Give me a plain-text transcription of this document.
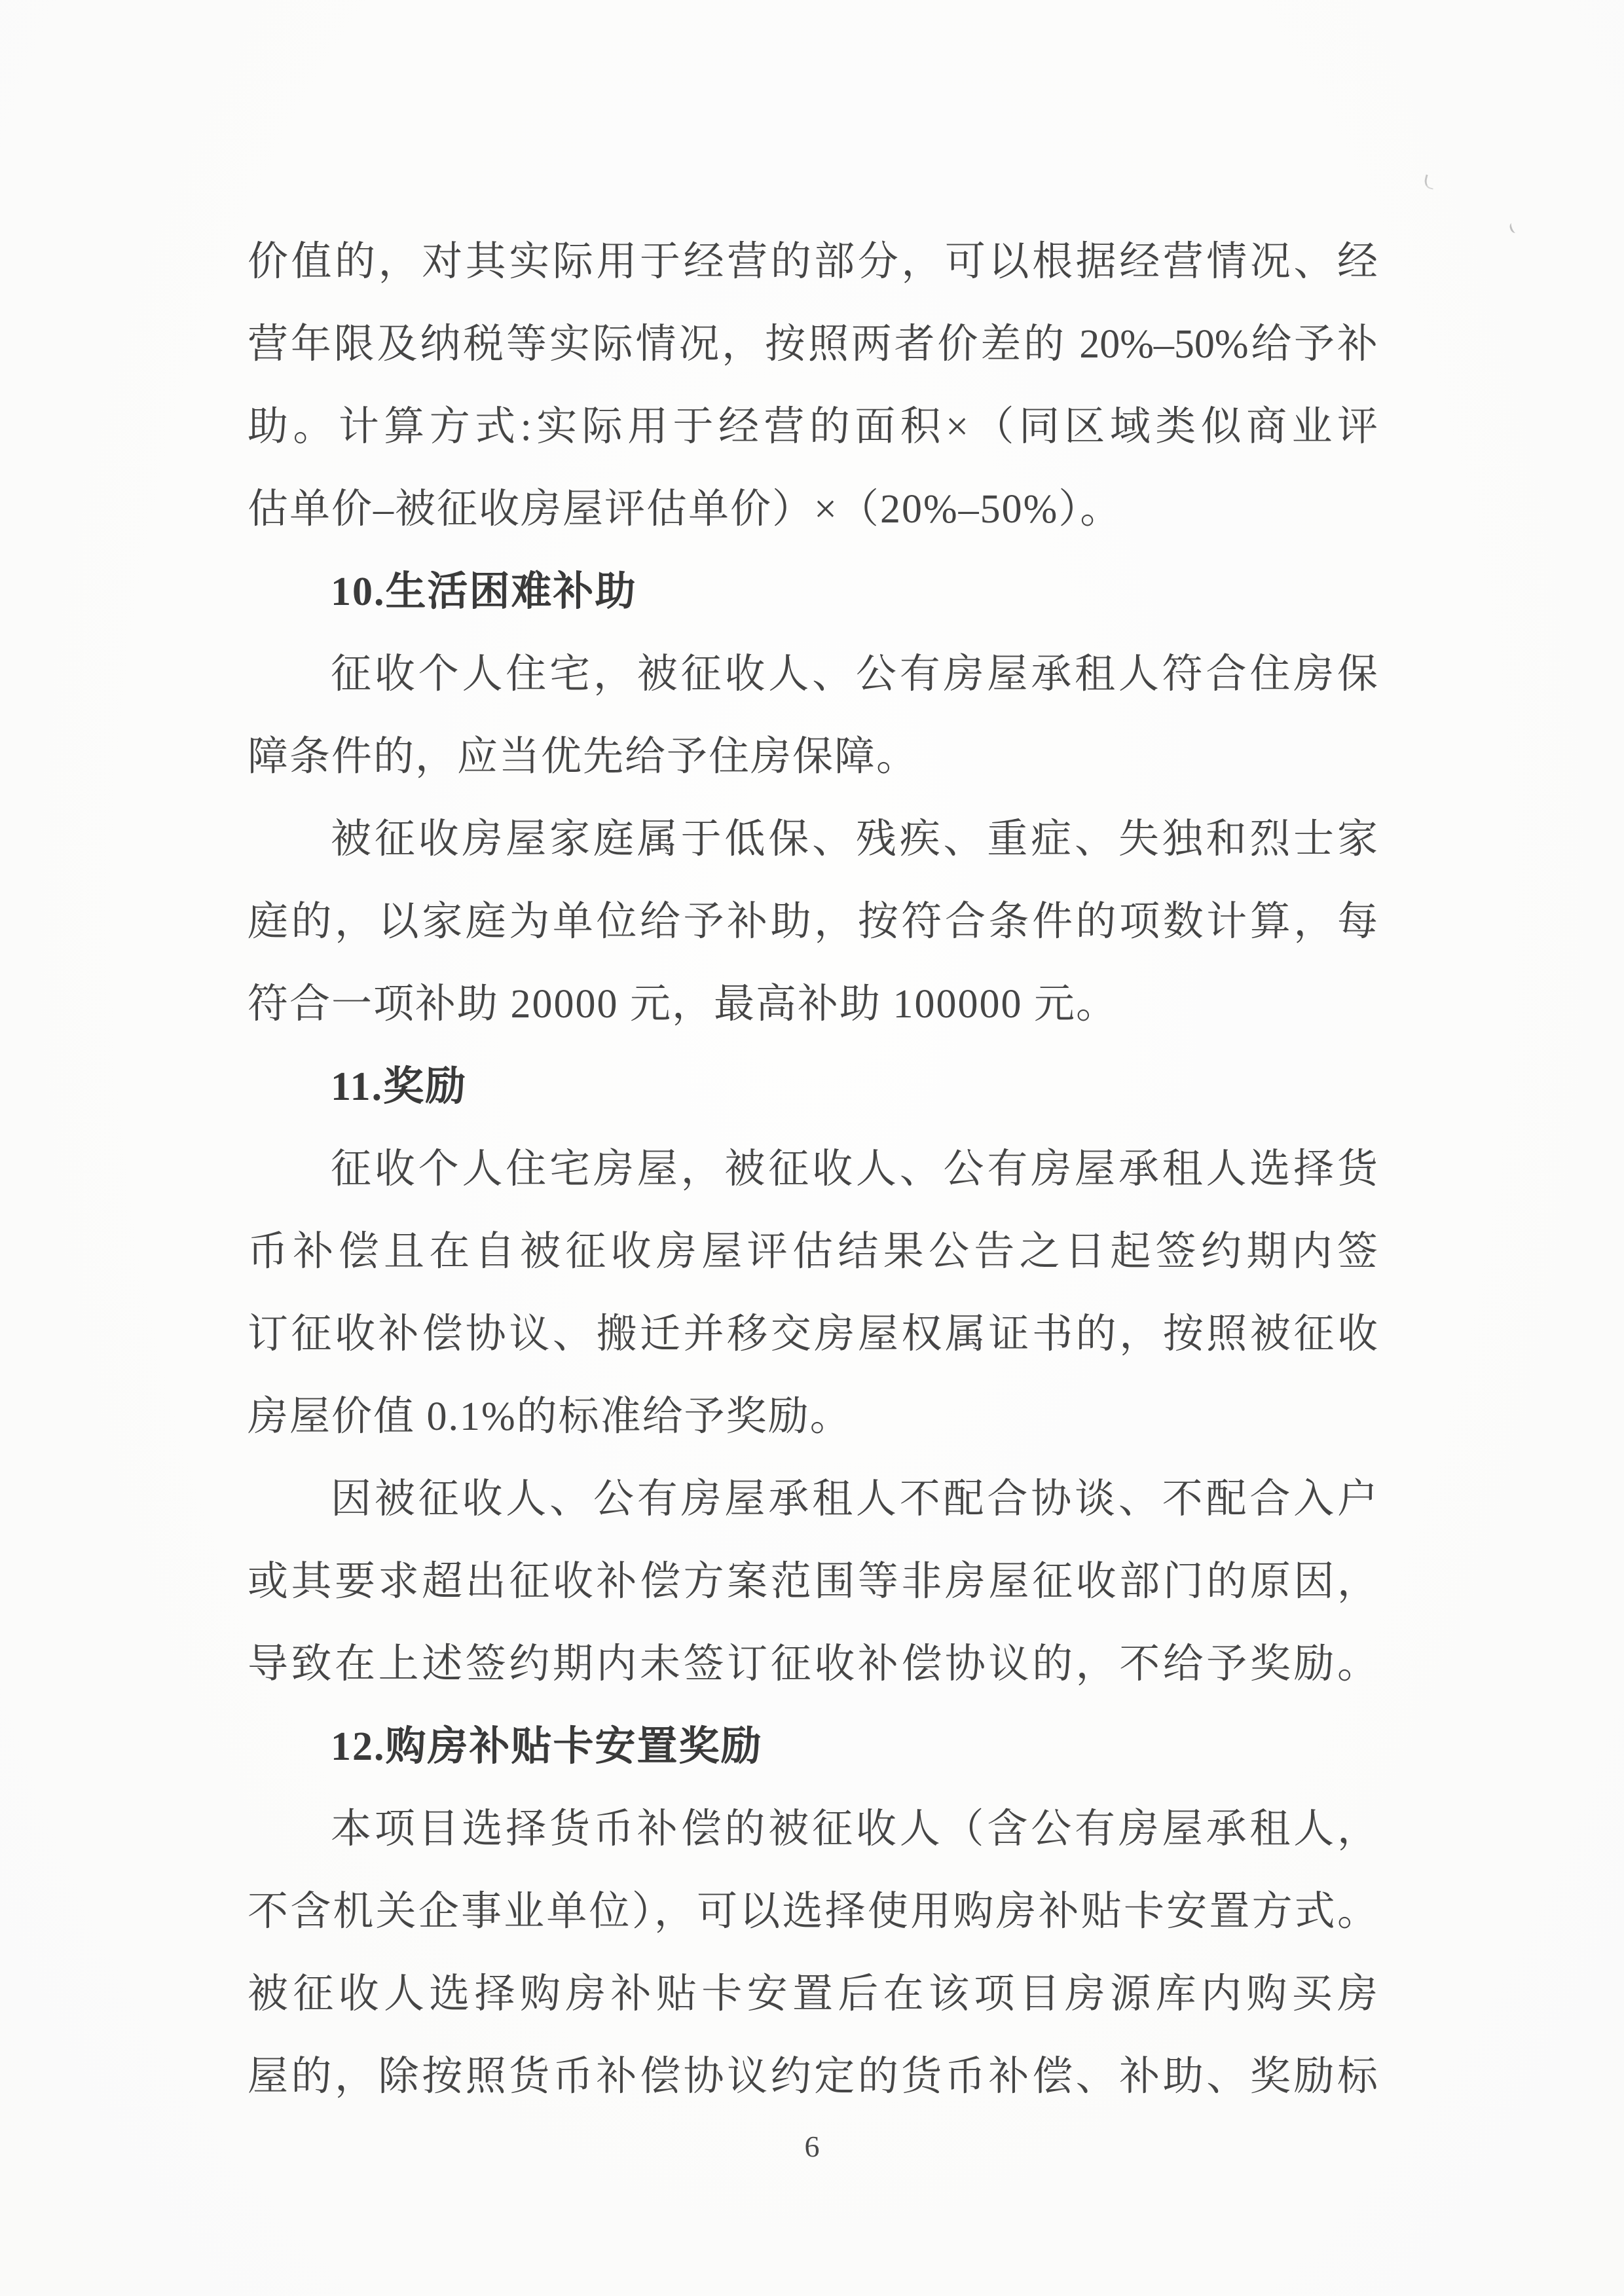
价值的，对其实际用于经营的部分，可以根据经营情况、经
营年限及纳税等实际情况，按照两者价差的 20%–50%给予补
助。计算方式:实际用于经营的面积×（同区域类似商业评
估单价–被征收房屋评估单价）×（20%–50%）。
10.生活困难补助
征收个人住宅，被征收人、公有房屋承租人符合住房保
障条件的，应当优先给予住房保障。
被征收房屋家庭属于低保、残疾、重症、失独和烈士家
庭的，以家庭为单位给予补助，按符合条件的项数计算，每
符合一项补助 20000 元，最高补助 100000 元。
11.奖励
征收个人住宅房屋，被征收人、公有房屋承租人选择货
币补偿且在自被征收房屋评估结果公告之日起签约期内签
订征收补偿协议、搬迁并移交房屋权属证书的，按照被征收
房屋价值 0.1%的标准给予奖励。
因被征收人、公有房屋承租人不配合协谈、不配合入户
或其要求超出征收补偿方案范围等非房屋征收部门的原因，
导致在上述签约期内未签订征收补偿协议的，不给予奖励。
12.购房补贴卡安置奖励
本项目选择货币补偿的被征收人（含公有房屋承租人，
不含机关企事业单位），可以选择使用购房补贴卡安置方式。
被征收人选择购房补贴卡安置后在该项目房源库内购买房
屋的，除按照货币补偿协议约定的货币补偿、补助、奖励标
6
